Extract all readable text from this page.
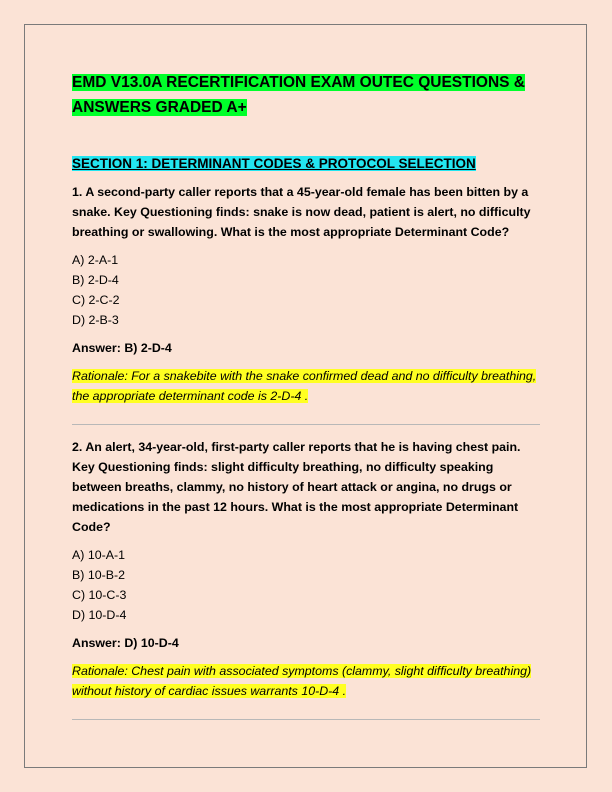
EMD V13.0A RECERTIFICATION EXAM OUTEC QUESTIONS & ANSWERS GRADED A+
SECTION 1: DETERMINANT CODES & PROTOCOL SELECTION

1. A second-party caller reports that a 45-year-old female has been bitten by a snake. Key Questioning finds: snake is now dead, patient is alert, no difficulty breathing or swallowing. What is the most appropriate Determinant Code?

A) 2-A-1
B) 2-D-4
C) 2-C-2
D) 2-B-3

Answer: B) 2-D-4

Rationale: For a snakebite with the snake confirmed dead and no difficulty breathing, the appropriate determinant code is 2-D-4 .

2. An alert, 34-year-old, first-party caller reports that he is having chest pain. Key Questioning finds: slight difficulty breathing, no difficulty speaking between breaths, clammy, no history of heart attack or angina, no drugs or medications in the past 12 hours. What is the most appropriate Determinant Code?

A) 10-A-1
B) 10-B-2
C) 10-C-3
D) 10-D-4

Answer: D) 10-D-4

Rationale: Chest pain with associated symptoms (clammy, slight difficulty breathing) without history of cardiac issues warrants 10-D-4 .
